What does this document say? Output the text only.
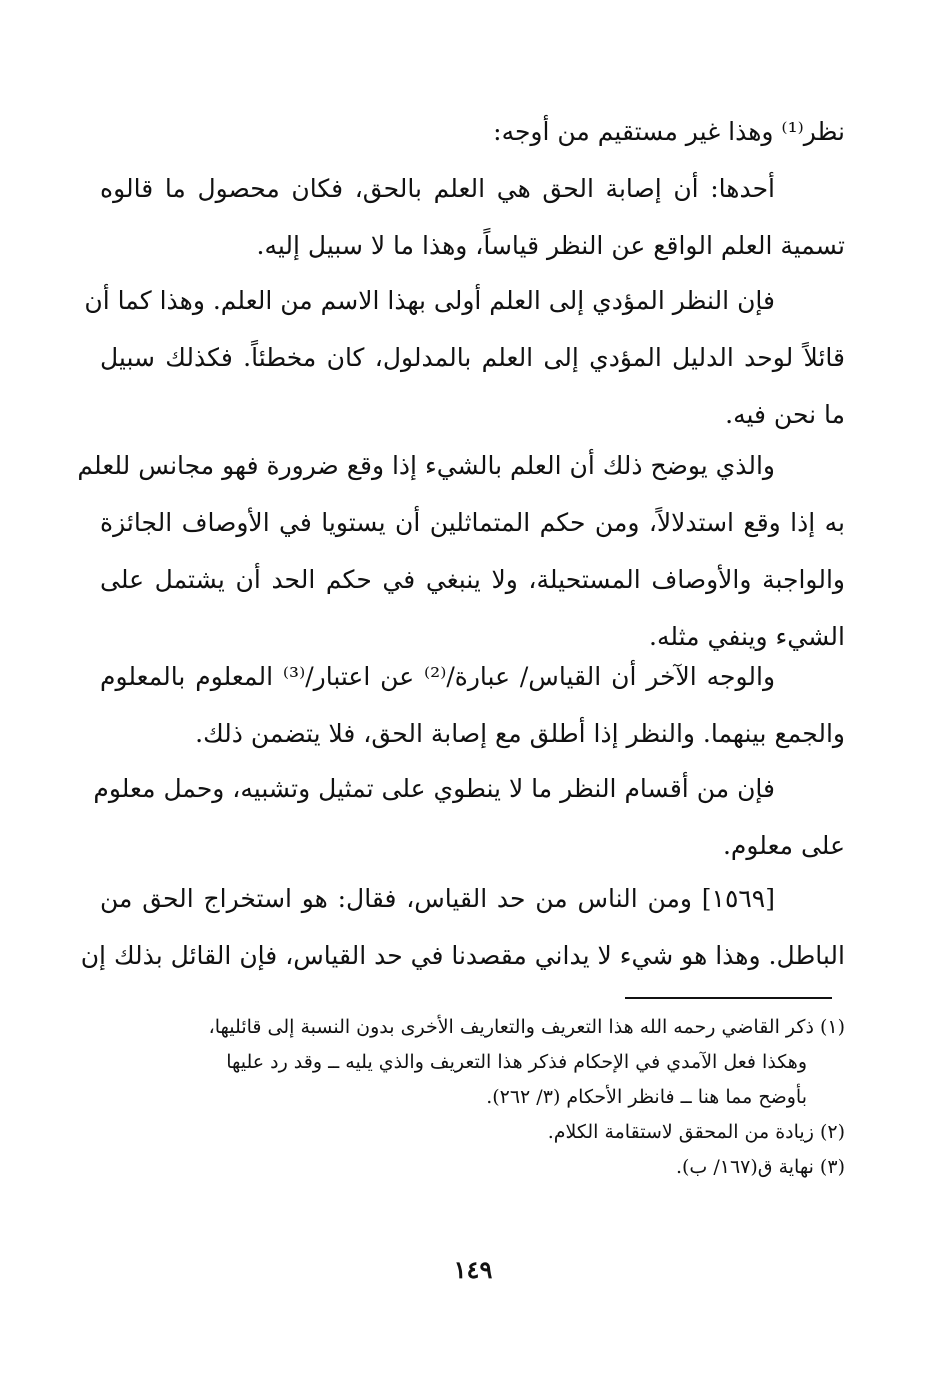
نظر⁽¹⁾ وهذا غير مستقيم من أوجه:
أحدها: أن إصابة الحق هي العلم بالحق، فكان محصول ما قالوه
تسمية العلم الواقع عن النظر قياساً، وهذا ما لا سبيل إليه.
فإن النظر المؤدي إلى العلم أولى بهذا الاسم من العلم. وهذا كما أن
قائلاً لوحد الدليل المؤدي إلى العلم بالمدلول، كان مخطئاً. فكذلك سبيل
ما نحن فيه.
والذي يوضح ذلك أن العلم بالشيء إذا وقع ضرورة فهو مجانس للعلم
به إذا وقع استدلالاً، ومن حكم المتماثلين أن يستويا في الأوصاف الجائزة
والواجبة والأوصاف المستحيلة، ولا ينبغي في حكم الحد أن يشتمل على
الشيء وينفي مثله.
والوجه الآخر أن القياس/ عبارة/⁽²⁾ عن اعتبار/⁽³⁾ المعلوم بالمعلوم
والجمع بينهما. والنظر إذا أطلق مع إصابة الحق، فلا يتضمن ذلك.
فإن من أقسام النظر ما لا ينطوي على تمثيل وتشبيه، وحمل معلوم
على معلوم.
[١٥٦٩] ومن الناس من حد القياس، فقال: هو استخراج الحق من
الباطل. وهذا هو شيء لا يداني مقصدنا في حد القياس، فإن القائل بذلك إن
(١) ذكر القاضي رحمه الله هذا التعريف والتعاريف الأخرى بدون النسبة إلى قائليها،
وهكذا فعل الآمدي في الإحكام فذكر هذا التعريف والذي يليه ــ وقد رد عليها
بأوضح مما هنا ــ فانظر الأحكام (٣/ ٢٦٢).
(٢) زيادة من المحقق لاستقامة الكلام.
(٣) نهاية ق(١٦٧/ ب).
١٤٩
